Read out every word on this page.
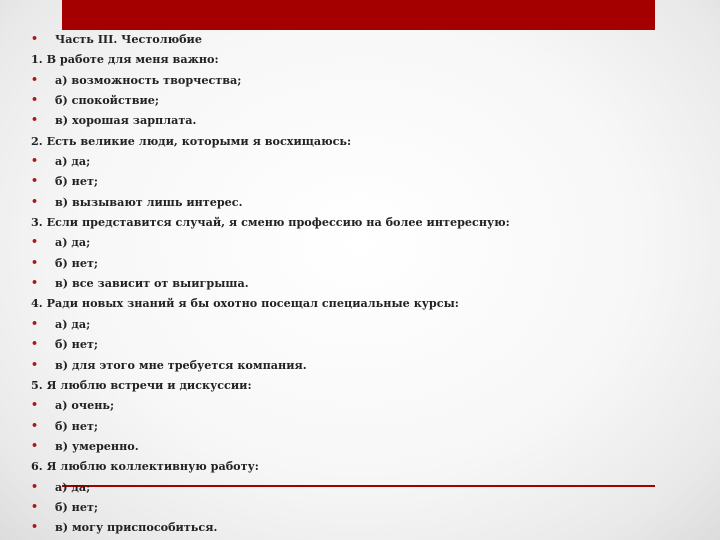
• Часть III. Честолюбие
1. В работе для меня важно:
• а) возможность творчества;
• б) спокойствие;
• в) хорошая зарплата.
2. Есть великие люди, которыми я восхищаюсь:
• а) да;
• б) нет;
• в) вызывают лишь интерес.
3. Если представится случай, я сменю профессию на более интересную:
• а) да;
• б) нет;
• в) все зависит от выигрыша.
4. Ради новых знаний я бы охотно посещал специальные курсы:
• а) да;
• б) нет;
• в) для этого мне требуется компания.
5. Я люблю встречи и дискуссии:
• а) очень;
• б) нет;
• в) умеренно.
6. Я люблю коллективную работу:
• а) да;
• б) нет;
• в) могу приспособиться.
